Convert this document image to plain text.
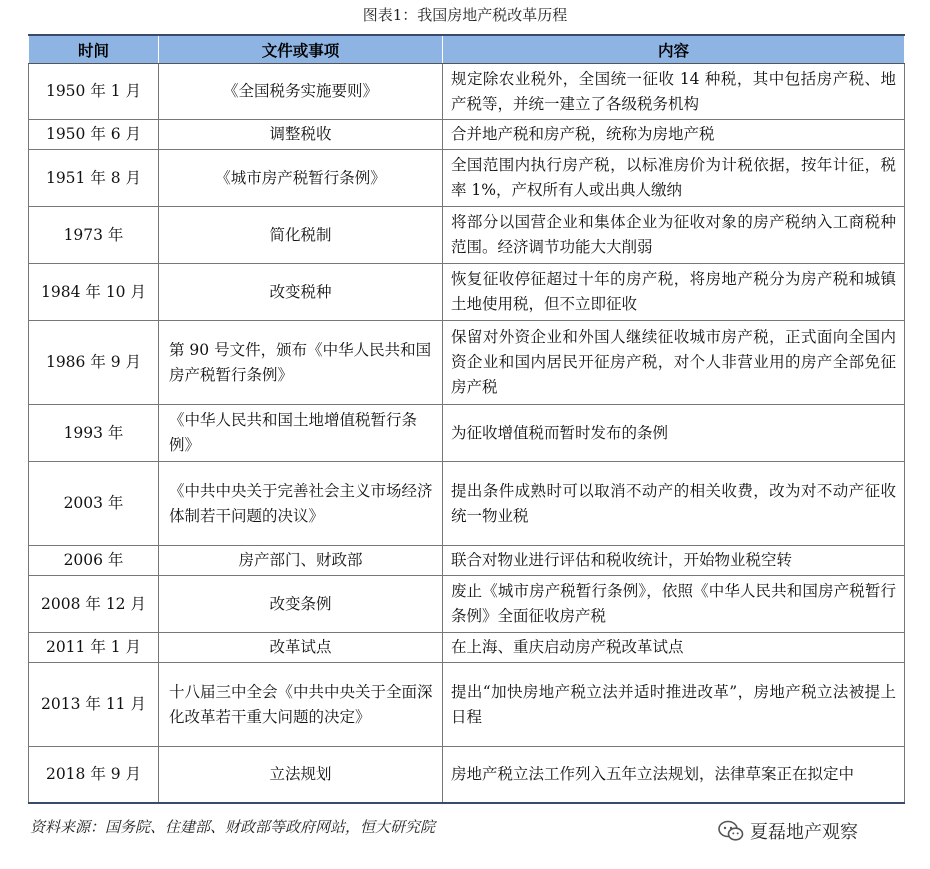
图表1：我国房地产税改革历程
时间	文件或事项	内容
1950 年 1 月	《全国税务实施要则》	规定除农业税外，全国统一征收 14 种税，其中包括房产税、地产税等，并统一建立了各级税务机构
1950 年 6 月	调整税收	合并地产税和房产税，统称为房地产税
1951 年 8 月	《城市房产税暂行条例》	全国范围内执行房产税，以标准房价为计税依据，按年计征，税率 1%，产权所有人或出典人缴纳
1973 年	简化税制	将部分以国营企业和集体企业为征收对象的房产税纳入工商税种范围。经济调节功能大大削弱
1984 年 10 月	改变税种	恢复征收停征超过十年的房产税，将房地产税分为房产税和城镇土地使用税，但不立即征收
1986 年 9 月	第 90 号文件，颁布《中华人民共和国房产税暂行条例》	保留对外资企业和外国人继续征收城市房产税，正式面向全国内资企业和国内居民开征房产税，对个人非营业用的房产全部免征房产税
1993 年	《中华人民共和国土地增值税暂行条例》	为征收增值税而暂时发布的条例
2003 年	《中共中央关于完善社会主义市场经济体制若干问题的决议》	提出条件成熟时可以取消不动产的相关收费，改为对不动产征收统一物业税
2006 年	房产部门、财政部	联合对物业进行评估和税收统计，开始物业税空转
2008 年 12 月	改变条例	废止《城市房产税暂行条例》，依照《中华人民共和国房产税暂行条例》全面征收房产税
2011 年 1 月	改革试点	在上海、重庆启动房产税改革试点
2013 年 11 月	十八届三中全会《中共中央关于全面深化改革若干重大问题的决定》	提出“加快房地产税立法并适时推进改革”，房地产税立法被提上日程
2018 年 9 月	立法规划	房地产税立法工作列入五年立法规划，法律草案正在拟定中
资料来源：国务院、住建部、财政部等政府网站，恒大研究院	夏磊地产观察
